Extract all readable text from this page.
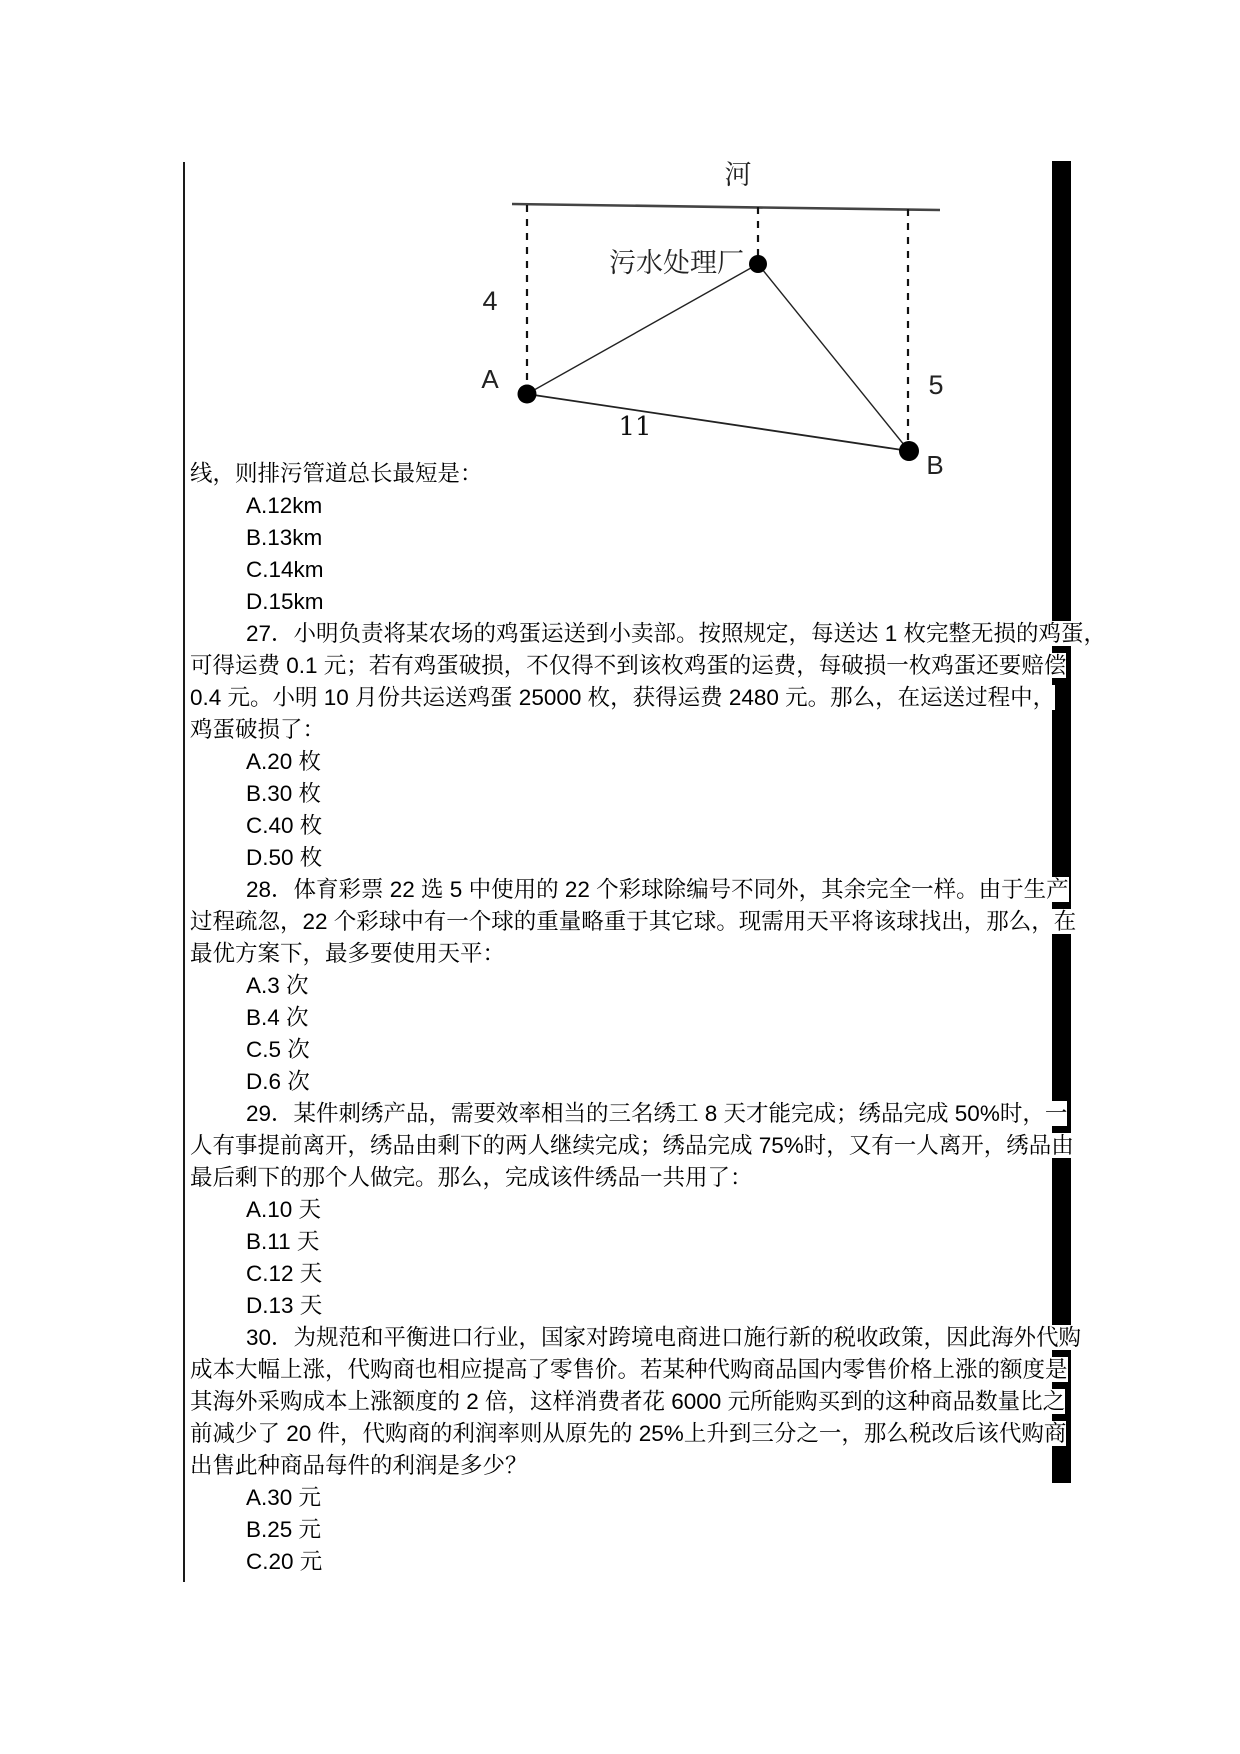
河
污水处理厂
4
A	5
B
11
线，则排污管道总长最短是：
A.12km
B.13km
C.14km
D.15km
27．小明负责将某农场的鸡蛋运送到小卖部。按照规定，每送达 1 枚完整无损的鸡蛋，
可得运费 0.1 元；若有鸡蛋破损，不仅得不到该枚鸡蛋的运费，每破损一枚鸡蛋还要赔偿
0.4 元。小明 10 月份共运送鸡蛋 25000 枚，获得运费 2480 元。那么，在运送过程中，
鸡蛋破损了：
A.20 枚
B.30 枚
C.40 枚
D.50 枚
28．体育彩票 22 选 5 中使用的 22 个彩球除编号不同外，其余完全一样。由于生产
过程疏忽，22 个彩球中有一个球的重量略重于其它球。现需用天平将该球找出，那么，在
最优方案下，最多要使用天平：
A.3 次
B.4 次
C.5 次
D.6 次
29．某件刺绣产品，需要效率相当的三名绣工 8 天才能完成；绣品完成 50%时，一
人有事提前离开，绣品由剩下的两人继续完成；绣品完成 75%时，又有一人离开，绣品由
最后剩下的那个人做完。那么，完成该件绣品一共用了：
A.10 天
B.11 天
C.12 天
D.13 天
30．为规范和平衡进口行业，国家对跨境电商进口施行新的税收政策，因此海外代购
成本大幅上涨，代购商也相应提高了零售价。若某种代购商品国内零售价格上涨的额度是
其海外采购成本上涨额度的 2 倍，这样消费者花 6000 元所能购买到的这种商品数量比之
前减少了 20 件，代购商的利润率则从原先的 25%上升到三分之一，那么税改后该代购商
出售此种商品每件的利润是多少？
A.30 元
B.25 元
C.20 元
